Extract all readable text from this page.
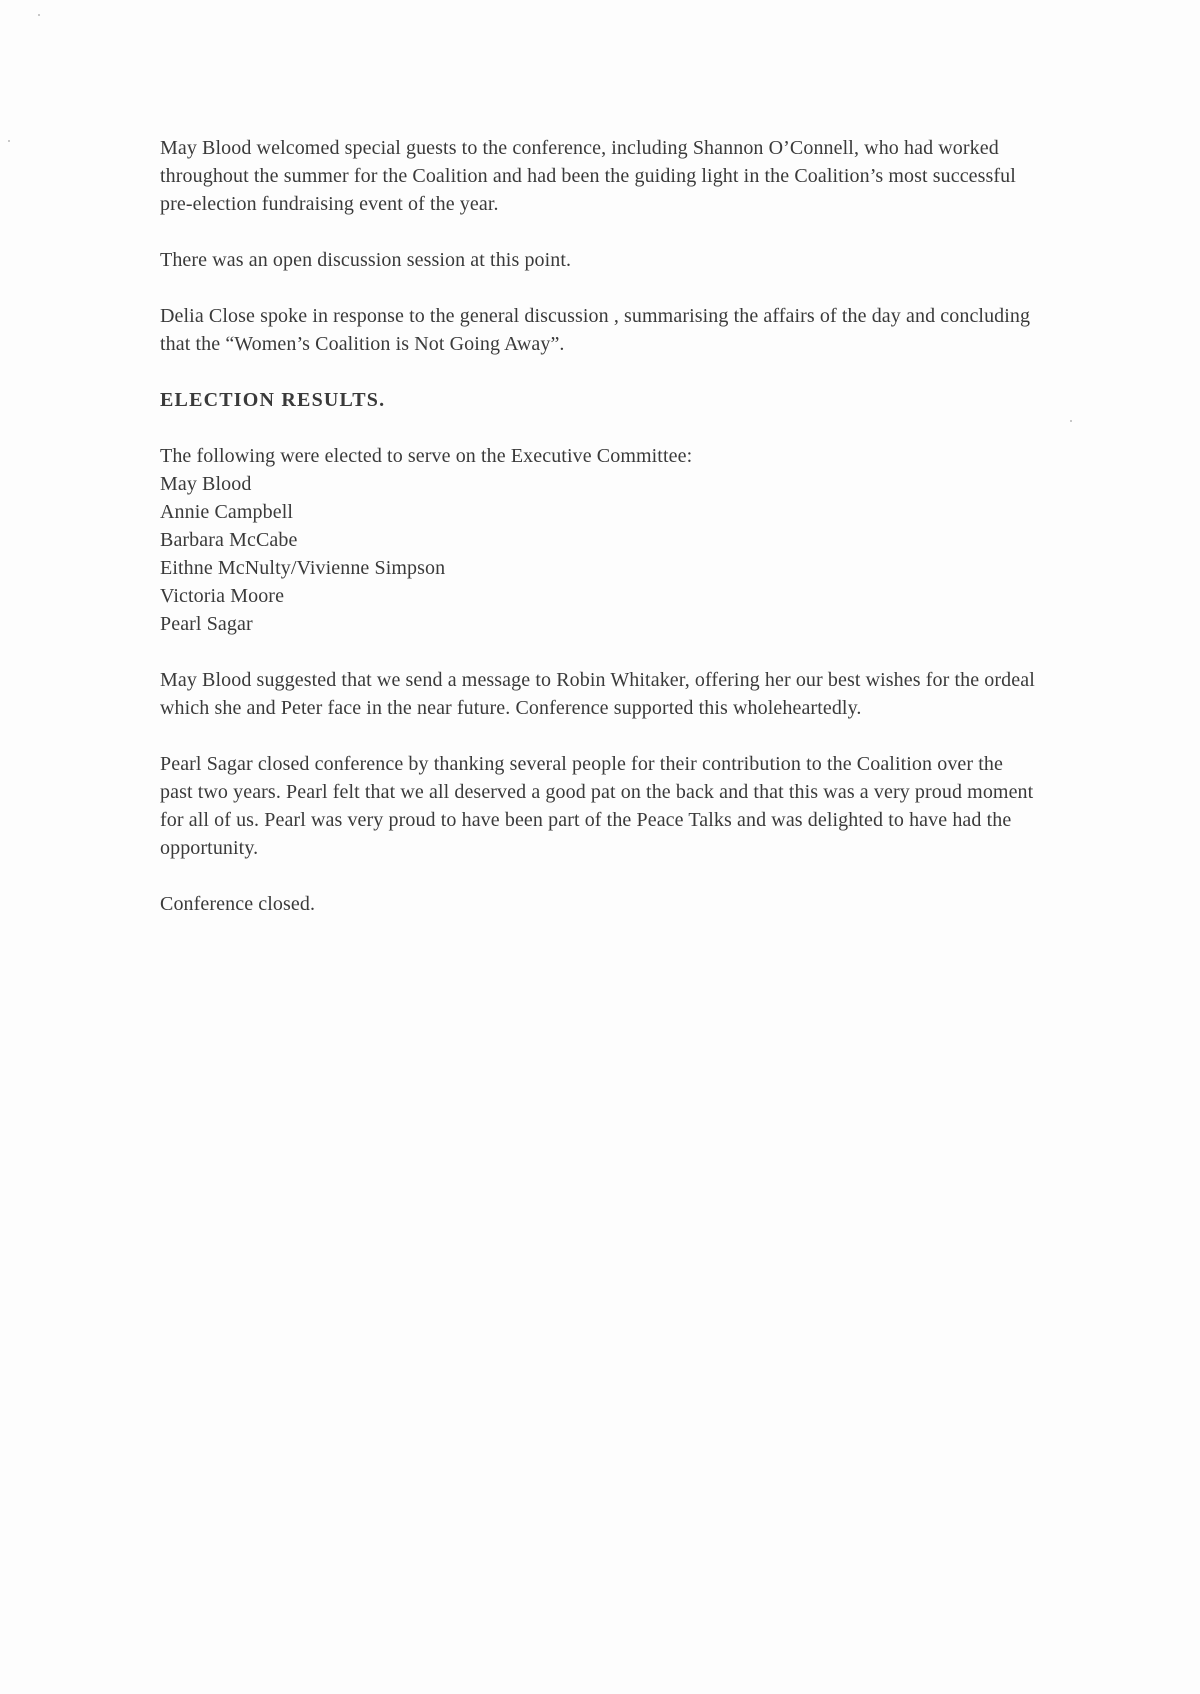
May Blood welcomed special guests to the conference, including Shannon O’Connell, who had worked throughout the summer for the Coalition and had been the guiding light in the Coalition’s most successful pre-election fundraising event of the year.

There was an open discussion session at this point.

Delia Close spoke in response to the general discussion , summarising the affairs of the day and concluding that the “Women’s Coalition is Not Going Away”.

ELECTION RESULTS.

The following were elected to serve on the Executive Committee:

May Blood
Annie Campbell
Barbara McCabe
Eithne McNulty/Vivienne Simpson
Victoria Moore
Pearl Sagar

May Blood suggested that we send a message to Robin Whitaker, offering her our best wishes for the ordeal which she and Peter face in the near future. Conference supported this wholeheartedly.

Pearl Sagar closed conference by thanking several people for their contribution to the Coalition over the past two years. Pearl felt that we all deserved a good pat on the back and that this was a very proud moment for all of us. Pearl was very proud to have been part of the Peace Talks and was delighted to have had the opportunity.

Conference closed.
